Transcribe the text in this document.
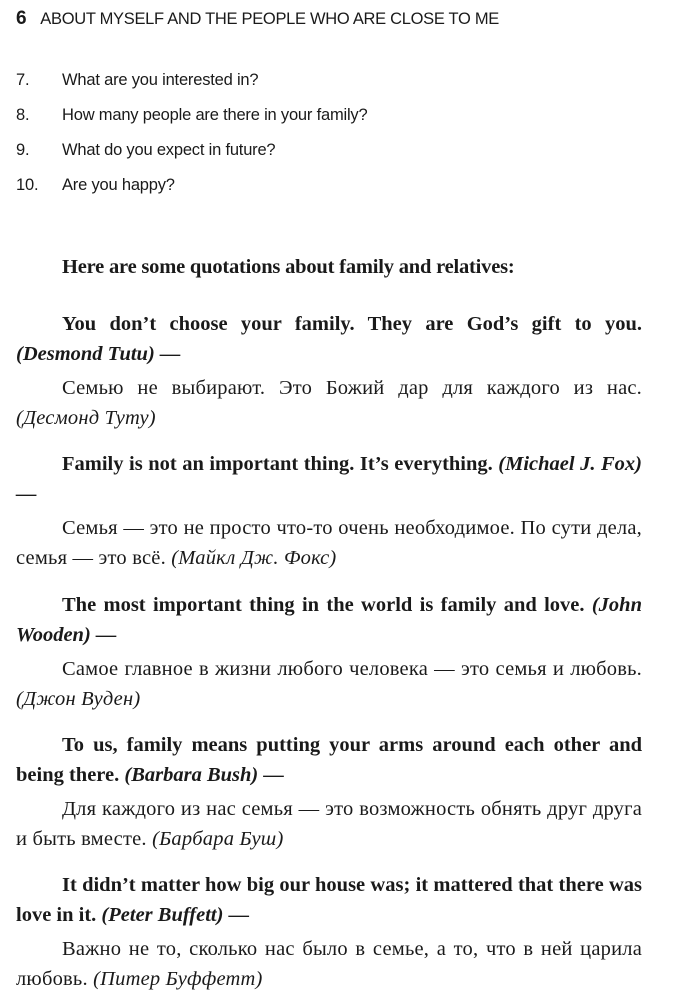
6 ABOUT MYSELF AND THE PEOPLE WHO ARE CLOSE TO ME
7.	What are you interested in?
8.	How many people are there in your family?
9.	What do you expect in future?
10.	Are you happy?
Here are some quotations about family and relatives:

You don’t choose your family. They are God’s gift to you. (Desmond Tutu) —

Семью не выбирают. Это Божий дар для каждого из нас. (Десмонд Туту)

Family is not an important thing. It’s everything. (Michael J. Fox) —

Семья — это не просто что-то очень необходимое. По сути дела, семья — это всё. (Майкл Дж. Фокс)

The most important thing in the world is family and love. (John Wooden) —

Самое главное в жизни любого человека — это семья и любовь. (Джон Вуден)

To us, family means putting your arms around each other and being there. (Barbara Bush) —

Для каждого из нас семья — это возможность обнять друг друга и быть вместе. (Барбара Буш)

It didn’t matter how big our house was; it mattered that there was love in it. (Peter Buffett) —

Важно не то, сколько нас было в семье, а то, что в ней царила любовь. (Питер Буффетт)
